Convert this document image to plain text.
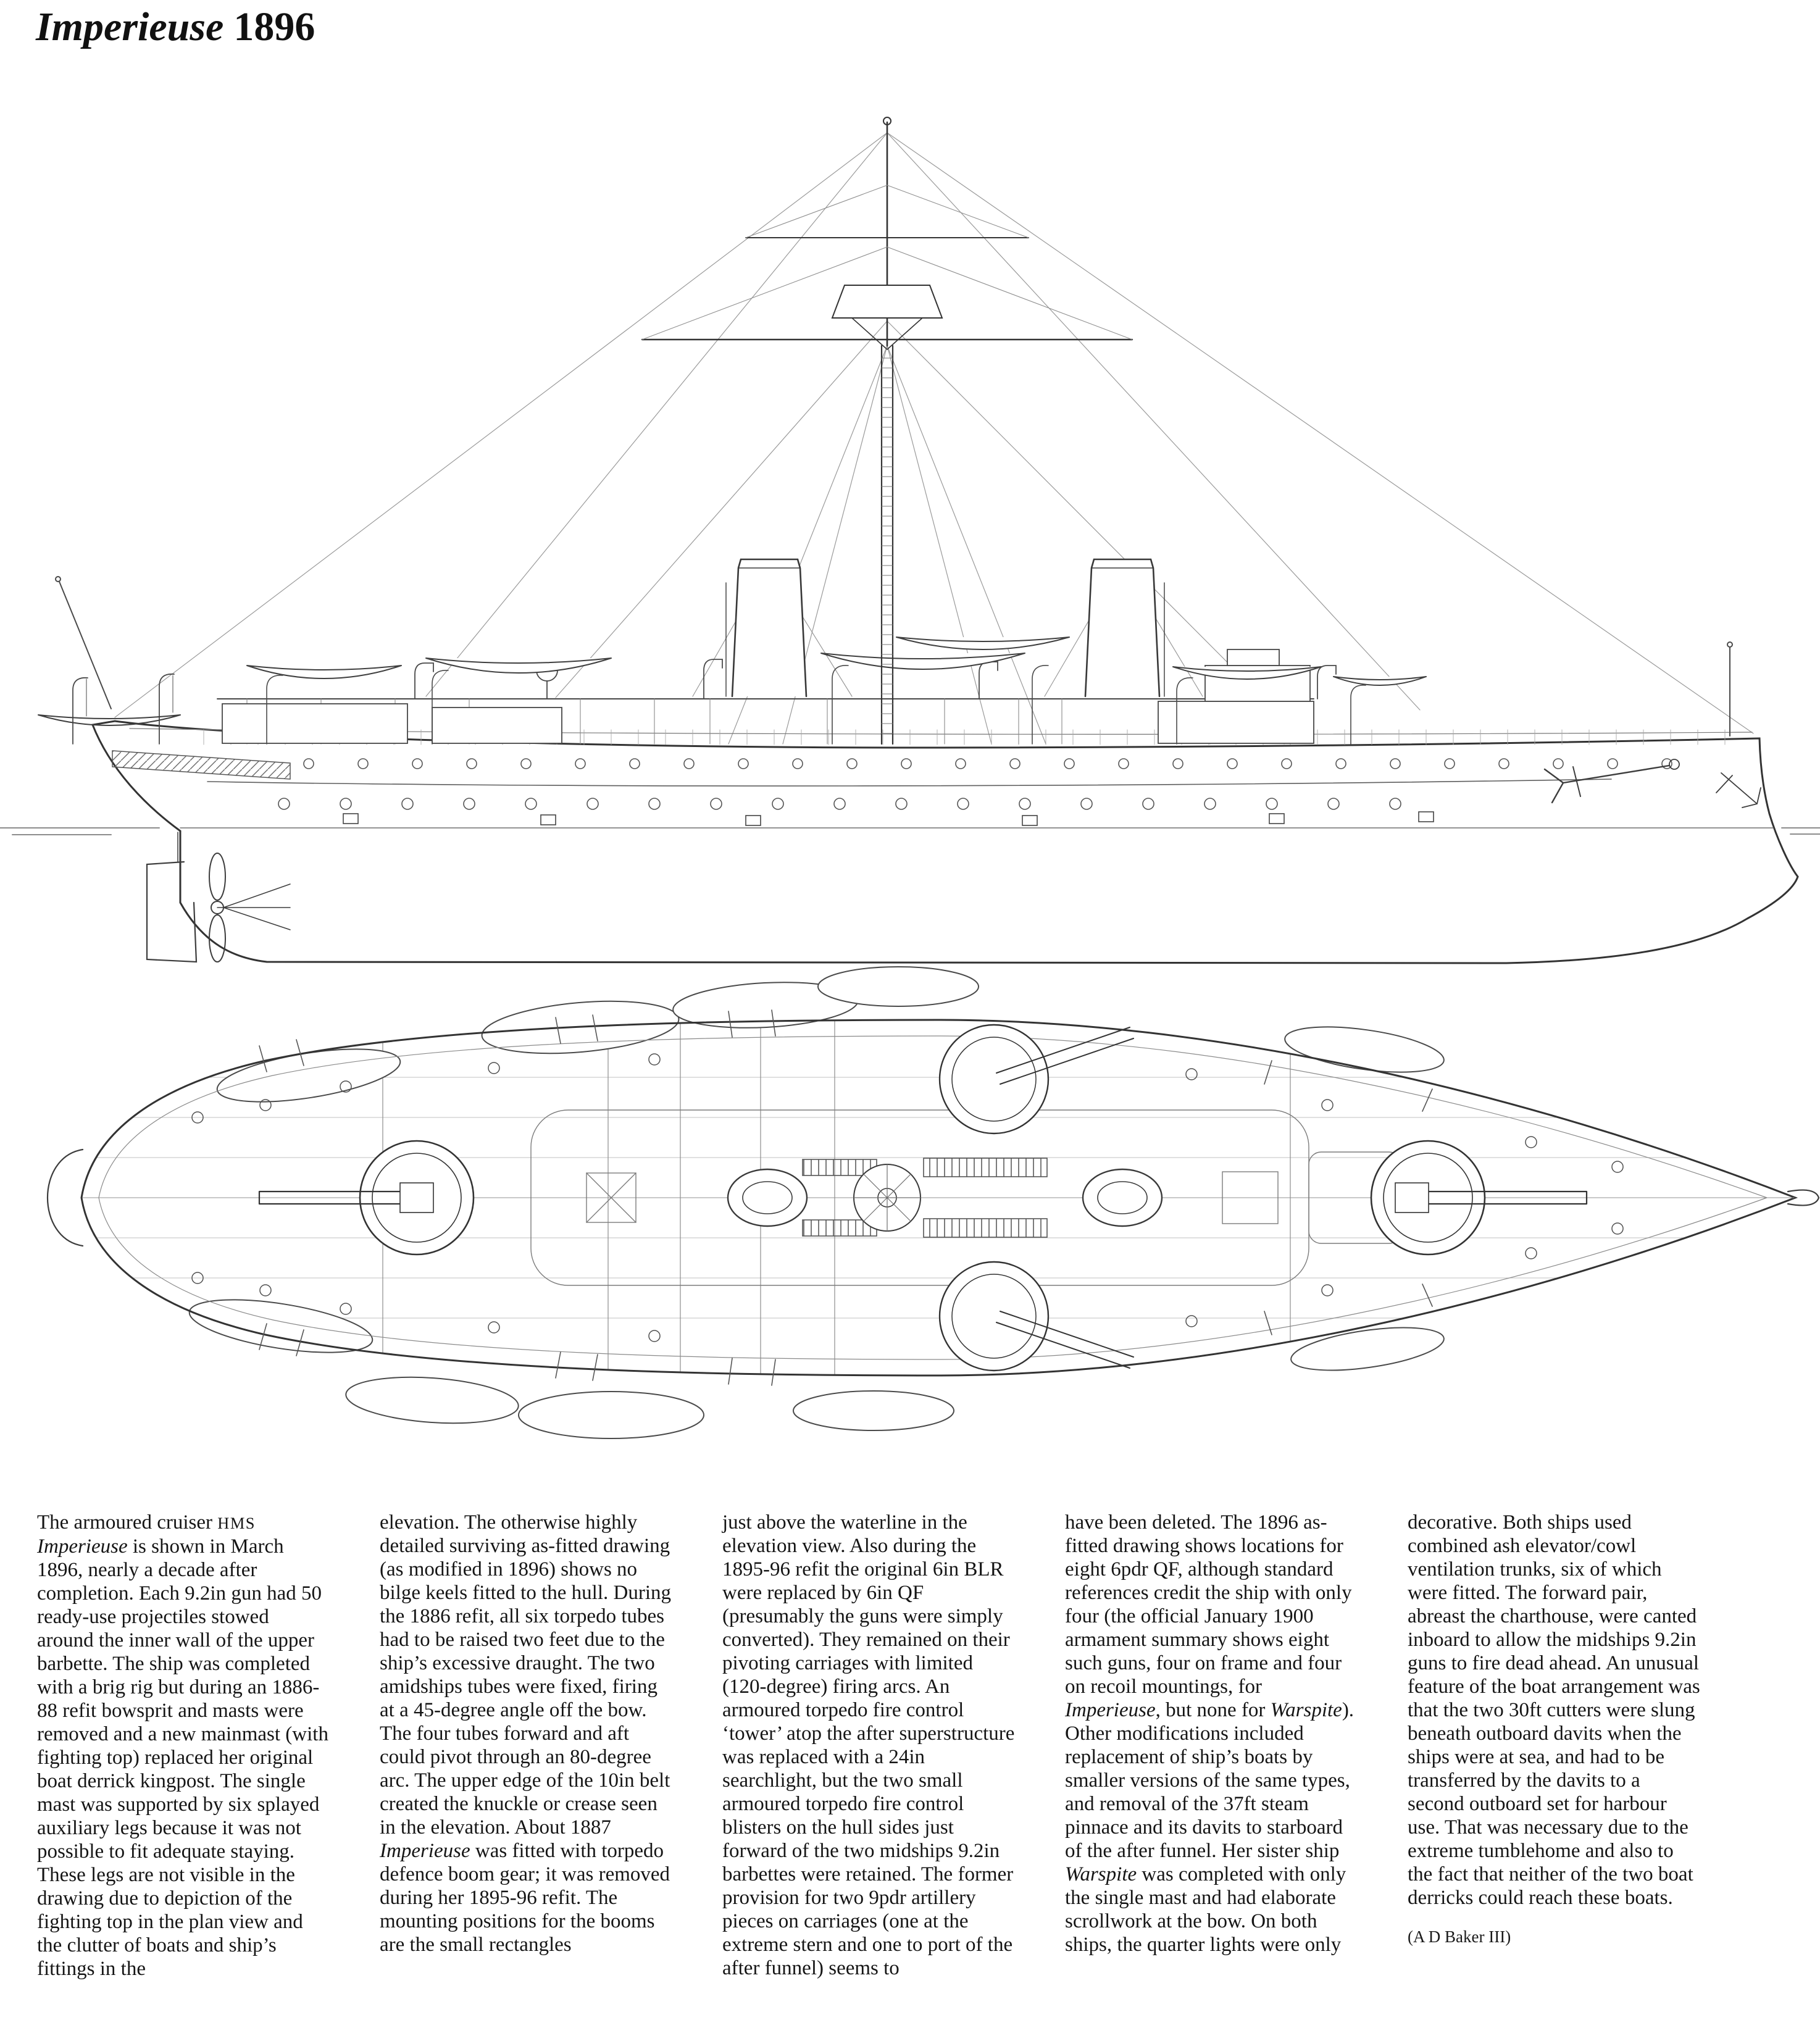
Imperieuse 1896
The armoured cruiser HMS Imperieuse is shown in March 1896, nearly a decade after completion. Each 9.2in gun had 50 ready-use projectiles stowed around the inner wall of the upper barbette. The ship was completed with a brig rig but during an 1886-88 refit bowsprit and masts were removed and a new mainmast (with fighting top) replaced her original boat derrick kingpost. The single mast was supported by six splayed auxiliary legs because it was not possible to fit adequate staying. These legs are not visible in the drawing due to depiction of the fighting top in the plan view and the clutter of boats and ship’s fittings in the
elevation. The otherwise highly detailed surviving as-fitted drawing (as modified in 1896) shows no bilge keels fitted to the hull. During the 1886 refit, all six torpedo tubes had to be raised two feet due to the ship’s excessive draught. The two amidships tubes were fixed, firing at a 45-degree angle off the bow. The four tubes forward and aft could pivot through an 80-degree arc. The upper edge of the 10in belt created the knuckle or crease seen in the elevation. About 1887 Imperieuse was fitted with torpedo defence boom gear; it was removed during her 1895-96 refit. The mounting positions for the booms are the small rectangles
just above the waterline in the elevation view. Also during the 1895-96 refit the original 6in BLR were replaced by 6in QF (presumably the guns were simply converted). They remained on their pivoting carriages with limited (120-degree) firing arcs. An armoured torpedo fire control ‘tower’ atop the after superstructure was replaced with a 24in searchlight, but the two small armoured torpedo fire control blisters on the hull sides just forward of the two midships 9.2in barbettes were retained. The former provision for two 9pdr artillery pieces on carriages (one at the extreme stern and one to port of the after funnel) seems to
have been deleted. The 1896 as-fitted drawing shows locations for eight 6pdr QF, although standard references credit the ship with only four (the official January 1900 armament summary shows eight such guns, four on frame and four on recoil mountings, for Imperieuse, but none for Warspite). Other modifications included replacement of ship’s boats by smaller versions of the same types, and removal of the 37ft steam pinnace and its davits to starboard of the after funnel. Her sister ship Warspite was completed with only the single mast and had elaborate scrollwork at the bow. On both ships, the quarter lights were only
decorative. Both ships used combined ash elevator/cowl ventilation trunks, six of which were fitted. The forward pair, abreast the charthouse, were canted inboard to allow the midships 9.2in guns to fire dead ahead. An unusual feature of the boat arrangement was that the two 30ft cutters were slung beneath outboard davits when the ships were at sea, and had to be transferred by the davits to a second outboard set for harbour use. That was necessary due to the extreme tumblehome and also to the fact that neither of the two boat derricks could reach these boats.

(A D Baker III)
